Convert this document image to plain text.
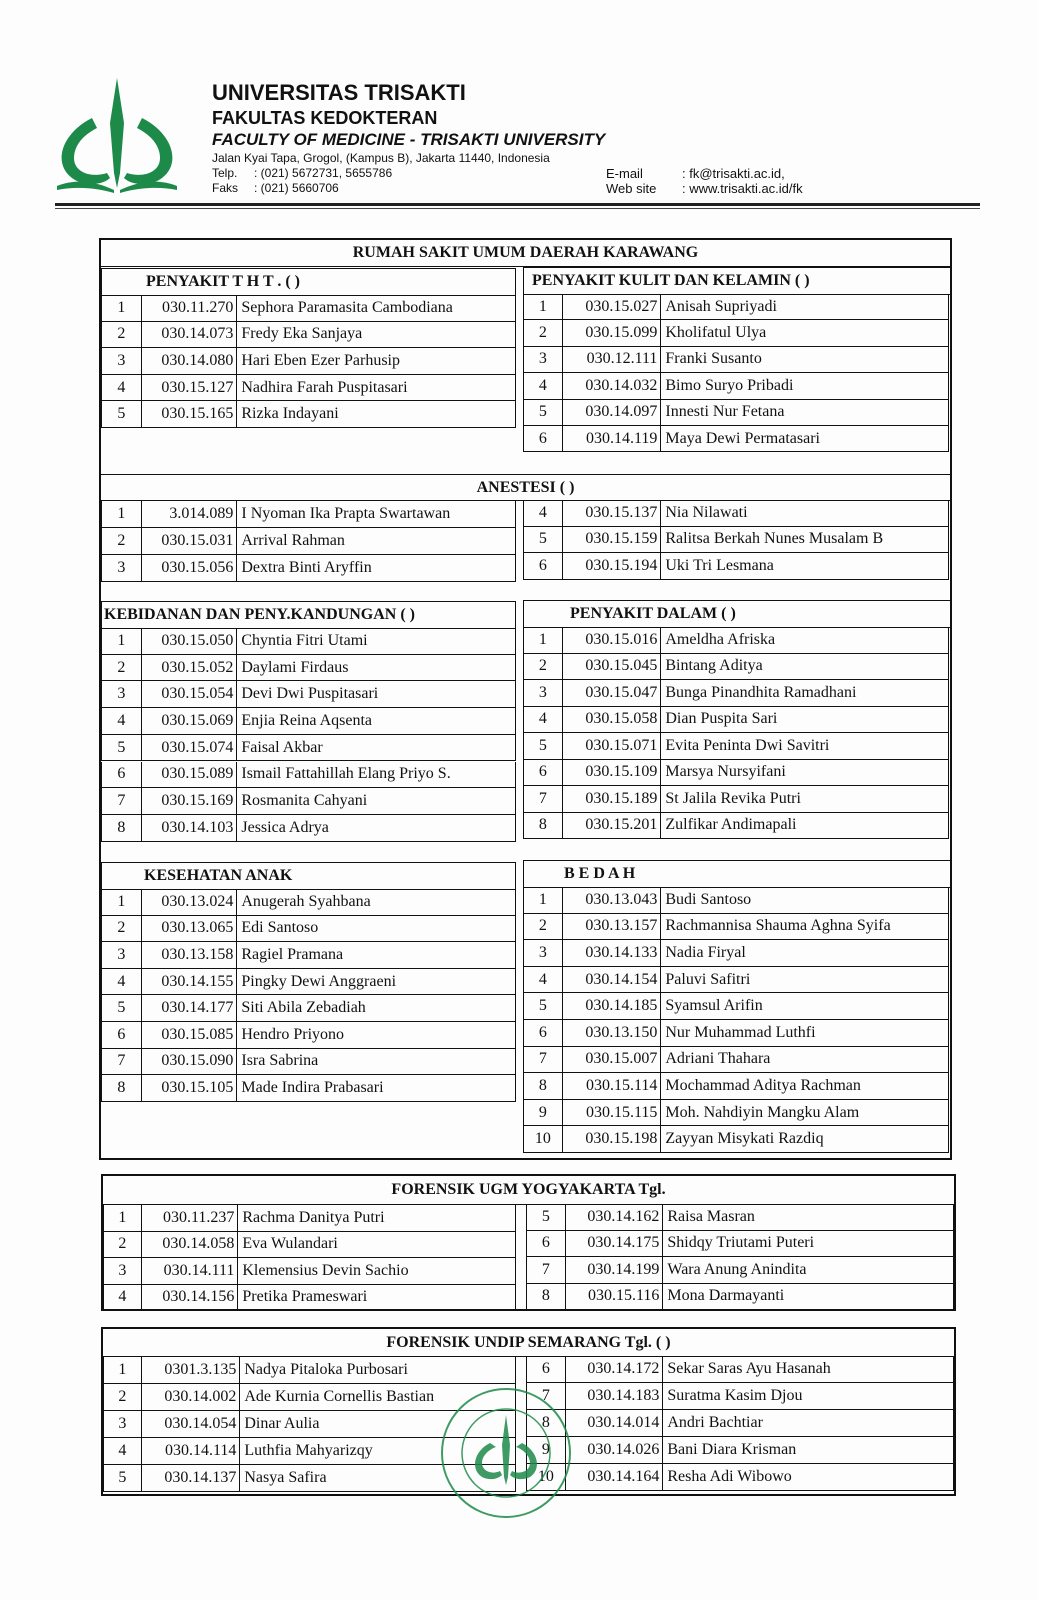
UNIVERSITAS TRISAKTI
FAKULTAS KEDOKTERAN
FACULTY OF MEDICINE - TRISAKTI UNIVERSITY
Jalan Kyai Tapa, Grogol, (Kampus B), Jakarta 11440, Indonesia
Telp. : (021) 5672731, 5655786
Faks : (021) 5660706
E-mail	: fk@trisakti.ac.id,
Web site : www.trisakti.ac.id/fk
RUMAH SAKIT UMUM DAERAH KARAWANG
ANESTESI ( )
FORENSIK UGM YOGYAKARTA Tgl.
FORENSIK UNDIP SEMARANG Tgl. ( )
PENYAKIT T H T . ( )
1	030.11.270 Sephora Paramasita Cambodiana
2	030.14.073 Fredy Eka Sanjaya
3	030.14.080 Hari Eben Ezer Parhusip
4	030.15.127 Nadhira Farah Puspitasari
5	030.15.165 Rizka Indayani
PENYAKIT KULIT DAN KELAMIN ( )
1	030.15.027 Anisah Supriyadi
2	030.15.099 Kholifatul Ulya
3	030.12.111 Franki Susanto
4	030.14.032 Bimo Suryo Pribadi
5	030.14.097 Innesti Nur Fetana
6	030.14.119 Maya Dewi Permatasari
1	3.014.089 I Nyoman Ika Prapta Swartawan
2	030.15.031 Arrival Rahman
3	030.15.056 Dextra Binti Aryffin
4	030.15.137 Nia Nilawati
5	030.15.159 Ralitsa Berkah Nunes Musalam B
6	030.15.194 Uki Tri Lesmana
KEBIDANAN DAN PENY.KANDUNGAN ( )
1	030.15.050 Chyntia Fitri Utami
2	030.15.052 Daylami Firdaus
3	030.15.054 Devi Dwi Puspitasari
4	030.15.069 Enjia Reina Aqsenta
5	030.15.074 Faisal Akbar
6	030.15.089 Ismail Fattahillah Elang Priyo S.
7	030.15.169 Rosmanita Cahyani
8	030.14.103 Jessica Adrya
PENYAKIT DALAM ( )
1	030.15.016 Ameldha Afriska
2	030.15.045 Bintang Aditya
3	030.15.047 Bunga Pinandhita Ramadhani
4	030.15.058 Dian Puspita Sari
5	030.15.071 Evita Peninta Dwi Savitri
6	030.15.109 Marsya Nursyifani
7	030.15.189 St Jalila Revika Putri
8	030.15.201 Zulfikar Andimapali
KESEHATAN ANAK
1	030.13.024 Anugerah Syahbana
2	030.13.065 Edi Santoso
3	030.13.158 Ragiel Pramana
4	030.14.155 Pingky Dewi Anggraeni
5	030.14.177 Siti Abila Zebadiah
6	030.15.085 Hendro Priyono
7	030.15.090 Isra Sabrina
8	030.15.105 Made Indira Prabasari
B E D A H
1	030.13.043 Budi Santoso
2	030.13.157 Rachmannisa Shauma Aghna Syifa
3	030.14.133 Nadia Firyal
4	030.14.154 Paluvi Safitri
5	030.14.185 Syamsul Arifin
6	030.13.150 Nur Muhammad Luthfi
7	030.15.007 Adriani Thahara
8	030.15.114 Mochammad Aditya Rachman
9	030.15.115 Moh. Nahdiyin Mangku Alam
10	030.15.198 Zayyan Misykati Razdiq
1	030.11.237 Rachma Danitya Putri
2	030.14.058 Eva Wulandari
3	030.14.111 Klemensius Devin Sachio
4	030.14.156 Pretika Prameswari
5	030.14.162 Raisa Masran
6	030.14.175 Shidqy Triutami Puteri
7	030.14.199 Wara Anung Anindita
8	030.15.116 Mona Darmayanti
1	0301.3.135 Nadya Pitaloka Purbosari
2	030.14.002 Ade Kurnia Cornellis Bastian
3	030.14.054 Dinar Aulia
4	030.14.114 Luthfia Mahyarizqy
5	030.14.137 Nasya Safira
6	030.14.172 Sekar Saras Ayu Hasanah
7	030.14.183 Suratma Kasim Djou
8	030.14.014 Andri Bachtiar
9	030.14.026 Bani Diara Krisman
10	030.14.164 Resha Adi Wibowo
